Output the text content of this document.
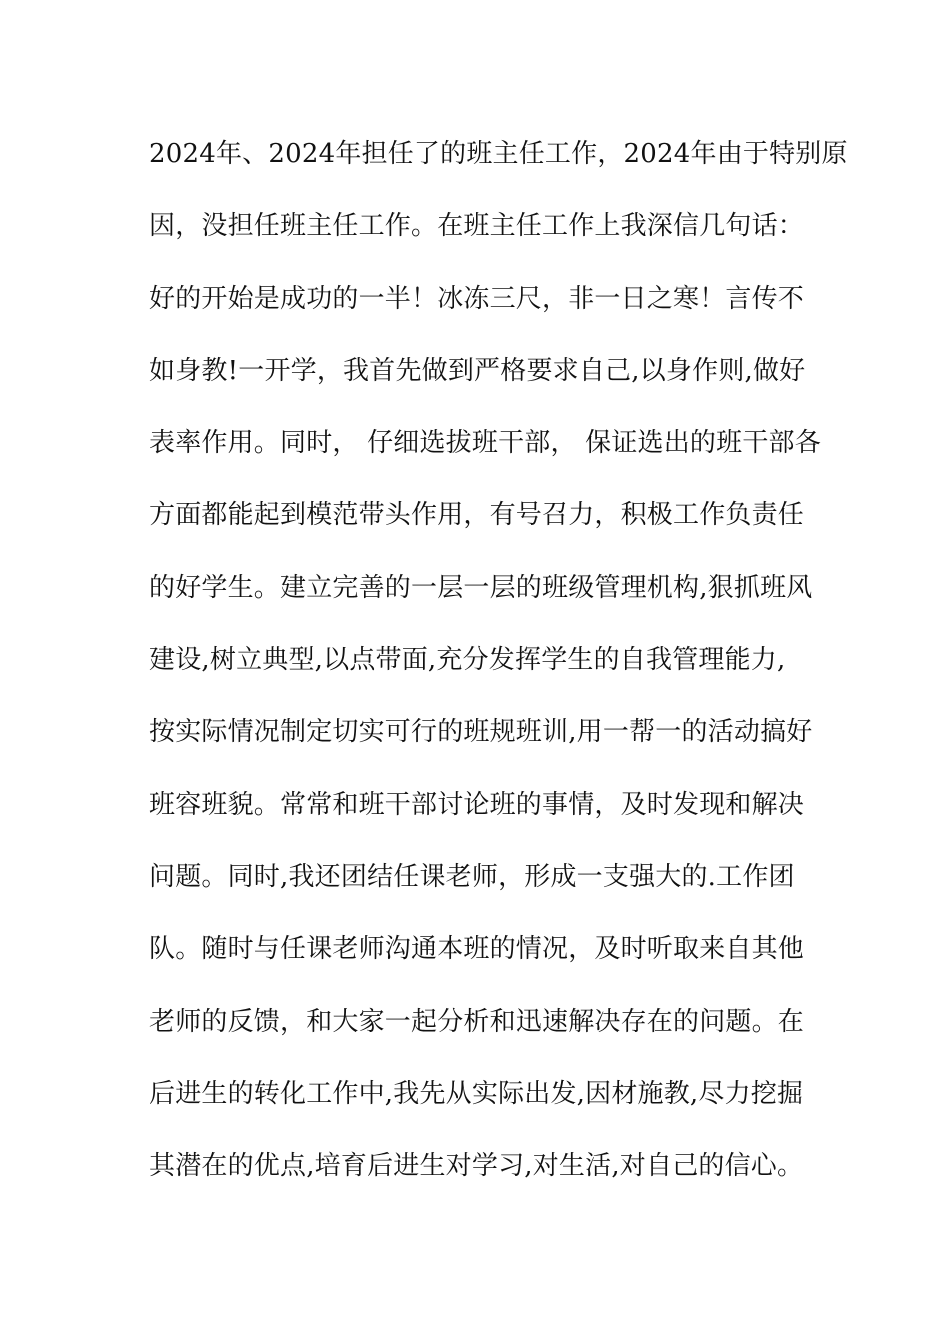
2024年、2024年担任了的班主任工作，2024年由于特别原
因，没担任班主任工作。在班主任工作上我深信几句话：
好的开始是成功的一半！冰冻三尺，非一日之寒！言传不
如身教!一开学，我首先做到严格要求自己,以身作则,做好
表率作用。同时， 仔细选拔班干部， 保证选出的班干部各
方面都能起到模范带头作用，有号召力，积极工作负责任
的好学生。建立完善的一层一层的班级管理机构,狠抓班风
建设,树立典型,以点带面,充分发挥学生的自我管理能力,
按实际情况制定切实可行的班规班训,用一帮一的活动搞好
班容班貌。常常和班干部讨论班的事情，及时发现和解决
问题。同时,我还团结任课老师，形成一支强大的.工作团
队。随时与任课老师沟通本班的情况，及时听取来自其他
老师的反馈，和大家一起分析和迅速解决存在的问题。在
后进生的转化工作中,我先从实际出发,因材施教,尽力挖掘
其潜在的优点,培育后进生对学习,对生活,对自己的信心。
